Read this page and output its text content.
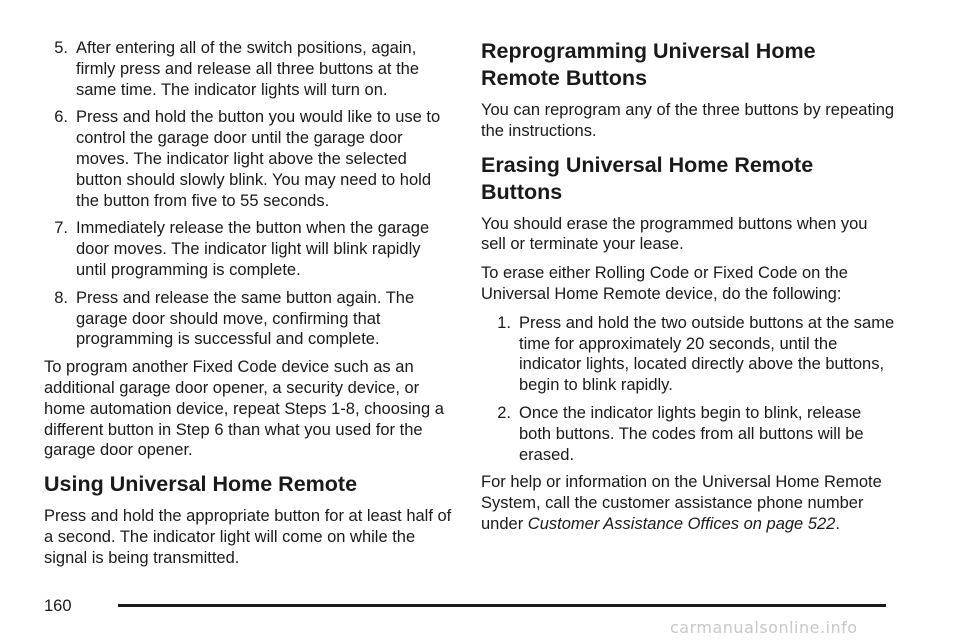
5. After entering all of the switch positions, again, firmly press and release all three buttons at the same time. The indicator lights will turn on.
6. Press and hold the button you would like to use to control the garage door until the garage door moves. The indicator light above the selected button should slowly blink. You may need to hold the button from five to 55 seconds.
7. Immediately release the button when the garage door moves. The indicator light will blink rapidly until programming is complete.
8. Press and release the same button again. The garage door should move, confirming that programming is successful and complete.

To program another Fixed Code device such as an additional garage door opener, a security device, or home automation device, repeat Steps 1-8, choosing a different button in Step 6 than what you used for the garage door opener.

Using Universal Home Remote

Press and hold the appropriate button for at least half of a second. The indicator light will come on while the signal is being transmitted.

Reprogramming Universal Home Remote Buttons

You can reprogram any of the three buttons by repeating the instructions.

Erasing Universal Home Remote Buttons

You should erase the programmed buttons when you sell or terminate your lease.

To erase either Rolling Code or Fixed Code on the Universal Home Remote device, do the following:

1. Press and hold the two outside buttons at the same time for approximately 20 seconds, until the indicator lights, located directly above the buttons, begin to blink rapidly.
2. Once the indicator lights begin to blink, release both buttons. The codes from all buttons will be erased.

For help or information on the Universal Home Remote System, call the customer assistance phone number under Customer Assistance Offices on page 522.

160
carmanualsonline.info
